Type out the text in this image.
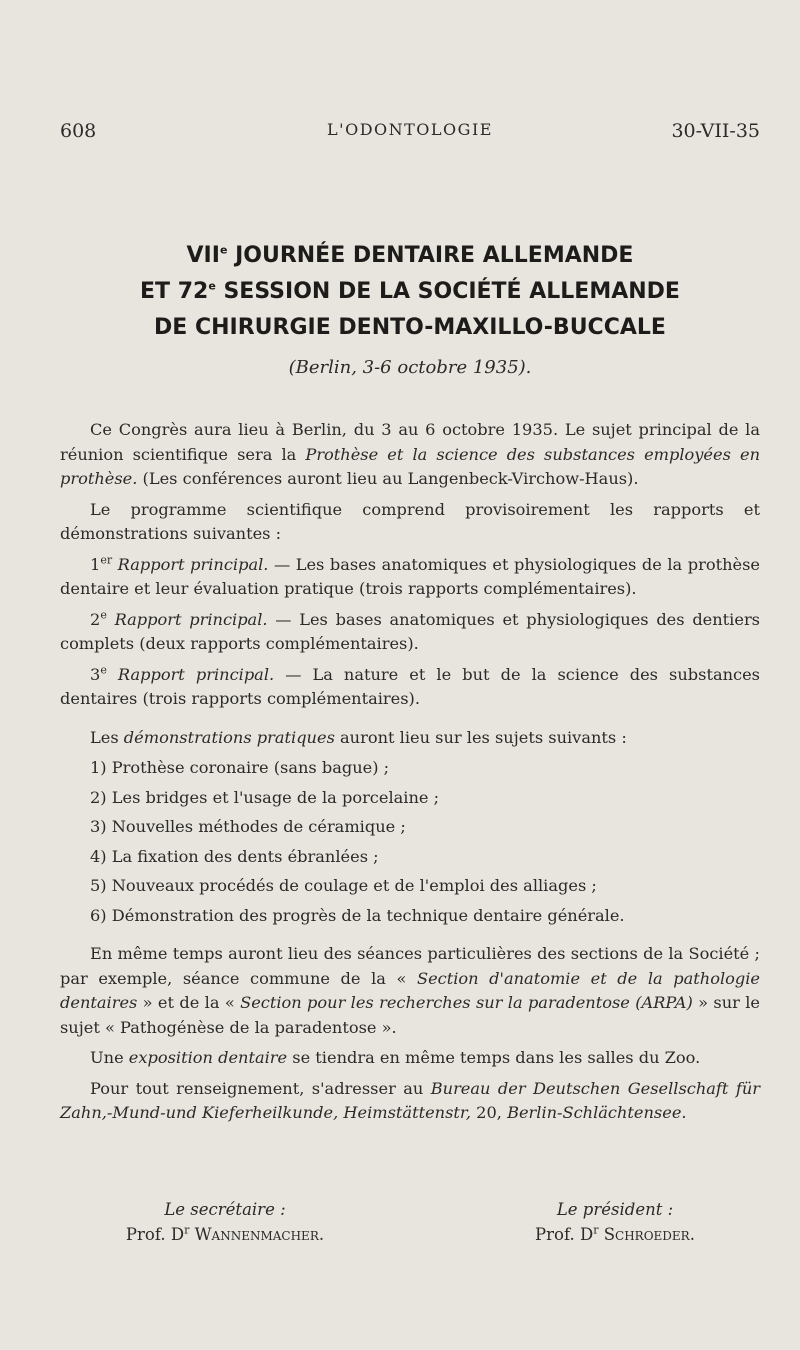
608	L'ODONTOLOGIE	30-VII-35
VIIe JOURNÉE DENTAIRE ALLEMANDE
ET 72e SESSION DE LA SOCIÉTÉ ALLEMANDE
DE CHIRURGIE DENTO-MAXILLO-BUCCALE
(Berlin, 3-6 octobre 1935).

Ce Congrès aura lieu à Berlin, du 3 au 6 octobre 1935. Le sujet principal de la réunion scientifique sera la Prothèse et la science des substances employées en prothèse. (Les conférences auront lieu au Langenbeck-Virchow-Haus).

Le programme scientifique comprend provisoirement les rapports et démonstrations suivantes :

1er Rapport principal. — Les bases anatomiques et physiologiques de la prothèse dentaire et leur évaluation pratique (trois rapports complémentaires).

2e Rapport principal. — Les bases anatomiques et physiologiques des dentiers complets (deux rapports complémentaires).

3e Rapport principal. — La nature et le but de la science des substances dentaires (trois rapports complémentaires).

Les démonstrations pratiques auront lieu sur les sujets suivants :

1) Prothèse coronaire (sans bague) ;
2) Les bridges et l'usage de la porcelaine ;
3) Nouvelles méthodes de céramique ;
4) La fixation des dents ébranlées ;
5) Nouveaux procédés de coulage et de l'emploi des alliages ;
6) Démonstration des progrès de la technique dentaire générale.

En même temps auront lieu des séances particulières des sections de la Société ; par exemple, séance commune de la « Section d'anatomie et de la pathologie dentaires » et de la « Section pour les recherches sur la paradentose (ARPA) » sur le sujet « Pathogénèse de la paradentose ».

Une exposition dentaire se tiendra en même temps dans les salles du Zoo.

Pour tout renseignement, s'adresser au Bureau der Deutschen Gesellschaft für Zahn,-Mund-und Kieferheilkunde, Heimstättenstr, 20, Berlin-Schlächtensee.

Le secrétaire :
Prof. $D^r$ Wannenmacher.
Le président :
Prof. $D^r$ Schroeder.
